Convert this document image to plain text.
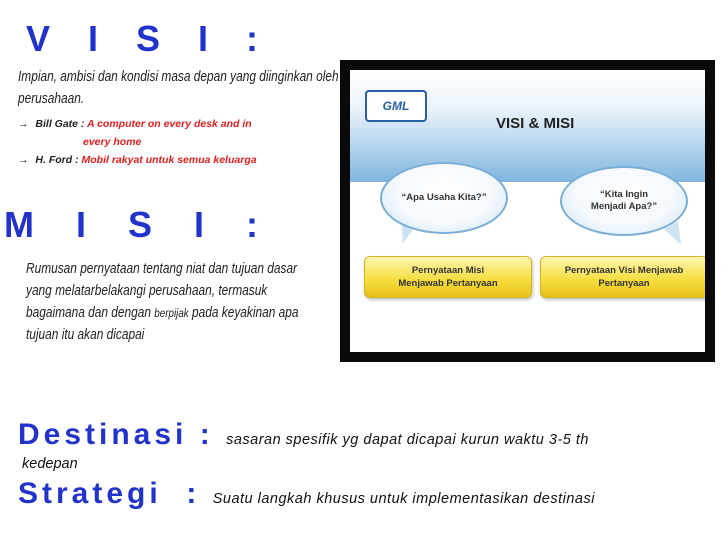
V I S I :
Impian, ambisi dan kondisi masa depan yang diinginkan oleh perusahaan.
→ Bill Gate : A computer on every desk and in
every home
→ H. Ford : Mobil rakyat untuk semua keluarga
M I S I :
Rumusan pernyataan tentang niat dan tujuan dasar yang melatarbelakangi perusahaan, termasuk bagaimana dan dengan berpijak pada keyakinan apa tujuan itu akan dicapai
GML
VISI & MISI
“Apa Usaha Kita?”	“Kita Ingin Menjadi Apa?”
Pernyataan Misi Menjawab Pertanyaan
Pernyataan Visi Menjawab Pertanyaan
Destinasi : sasaran spesifik yg dapat dicapai kurun waktu 3-5 th
kedepan
Strategi  : Suatu langkah khusus untuk implementasikan destinasi
